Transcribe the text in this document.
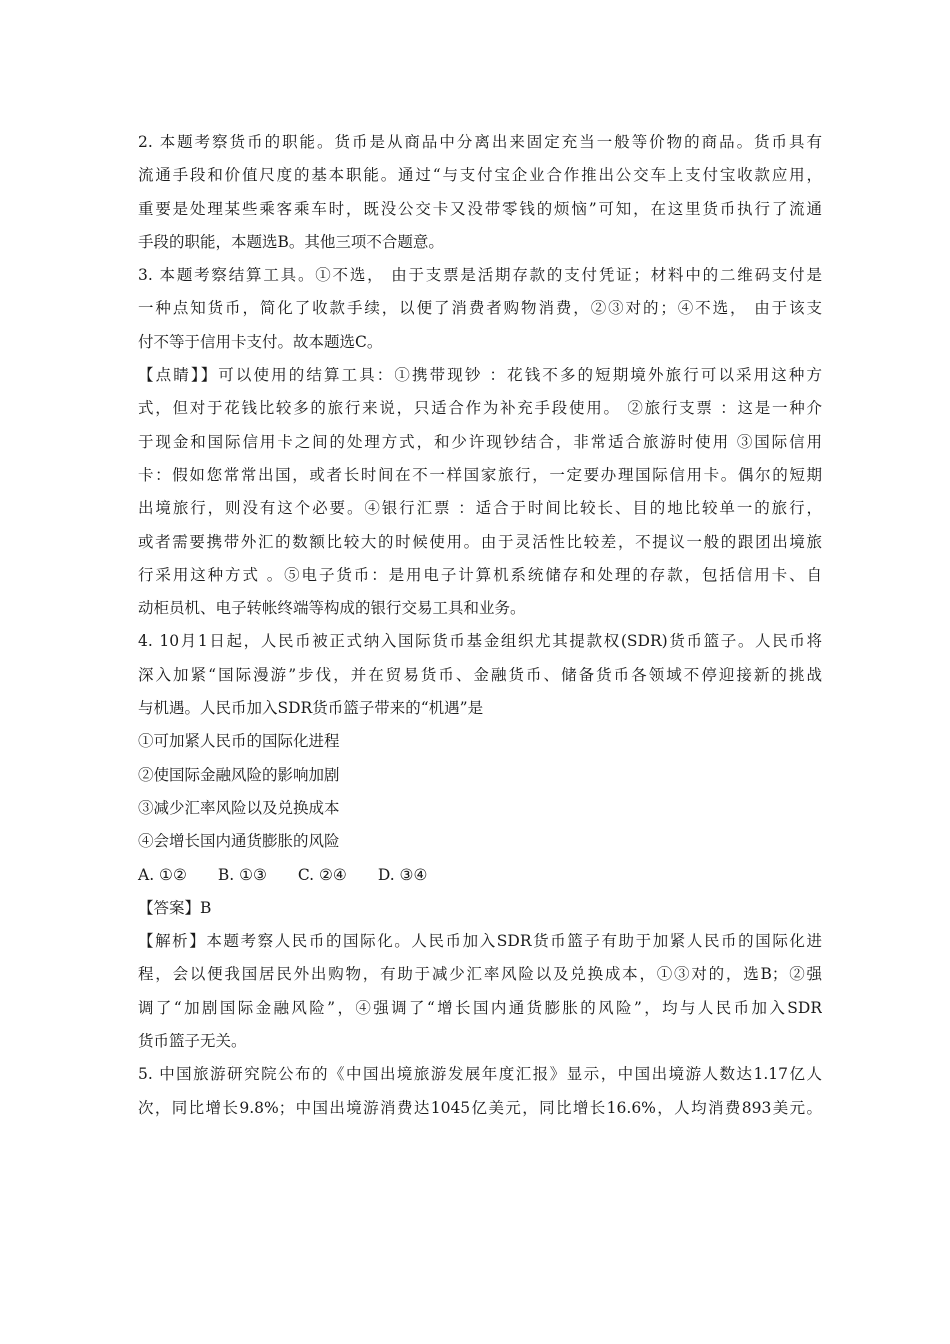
2. 本题考察货币的职能。货币是从商品中分离出来固定充当一般等价物的商品。货币具有
流通手段和价值尺度的基本职能。通过“与支付宝企业合作推出公交车上支付宝收款应用，
重要是处理某些乘客乘车时，既没公交卡又没带零钱的烦恼”可知，在这里货币执行了流通
手段的职能，本题选B。其他三项不合题意。
3. 本题考察结算工具。①不选， 由于支票是活期存款的支付凭证；材料中的二维码支付是
一种点知货币，简化了收款手续，以便了消费者购物消费，②③对的；④不选， 由于该支
付不等于信用卡支付。故本题选C。
【点睛】】可以使用的结算工具：①携带现钞 ：花钱不多的短期境外旅行可以采用这种方
式，但对于花钱比较多的旅行来说，只适合作为补充手段使用。 ②旅行支票 ：这是一种介
于现金和国际信用卡之间的处理方式，和少许现钞结合，非常适合旅游时使用 ③国际信用
卡：假如您常常出国，或者长时间在不一样国家旅行，一定要办理国际信用卡。偶尔的短期
出境旅行，则没有这个必要。④银行汇票 ：适合于时间比较长、目的地比较单一的旅行，
或者需要携带外汇的数额比较大的时候使用。由于灵活性比较差，不提议一般的跟团出境旅
行采用这种方式 。⑤电子货币：是用电子计算机系统储存和处理的存款，包括信用卡、自
动柜员机、电子转帐终端等构成的银行交易工具和业务。
4. 10月1日起，人民币被正式纳入国际货币基金组织尤其提款权(SDR)货币篮子。人民币将
深入加紧“国际漫游”步伐，并在贸易货币、金融货币、储备货币各领域不停迎接新的挑战
与机遇。人民币加入SDR货币篮子带来的“机遇”是
①可加紧人民币的国际化进程
②使国际金融风险的影响加剧
③减少汇率风险以及兑换成本
④会增长国内通货膨胀的风险
A. ①②　　B. ①③　　C. ②④　　D. ③④
【答案】B
【解析】本题考察人民币的国际化。人民币加入SDR货币篮子有助于加紧人民币的国际化进
程，会以便我国居民外出购物，有助于减少汇率风险以及兑换成本，①③对的，选B；②强
调了“加剧国际金融风险”，④强调了“增长国内通货膨胀的风险”，均与人民币加入SDR
货币篮子无关。
5. 中国旅游研究院公布的《中国出境旅游发展年度汇报》显示，中国出境游人数达1.17亿人
次，同比增长9.8%；中国出境游消费达1045亿美元，同比增长16.6%，人均消费893美元。
